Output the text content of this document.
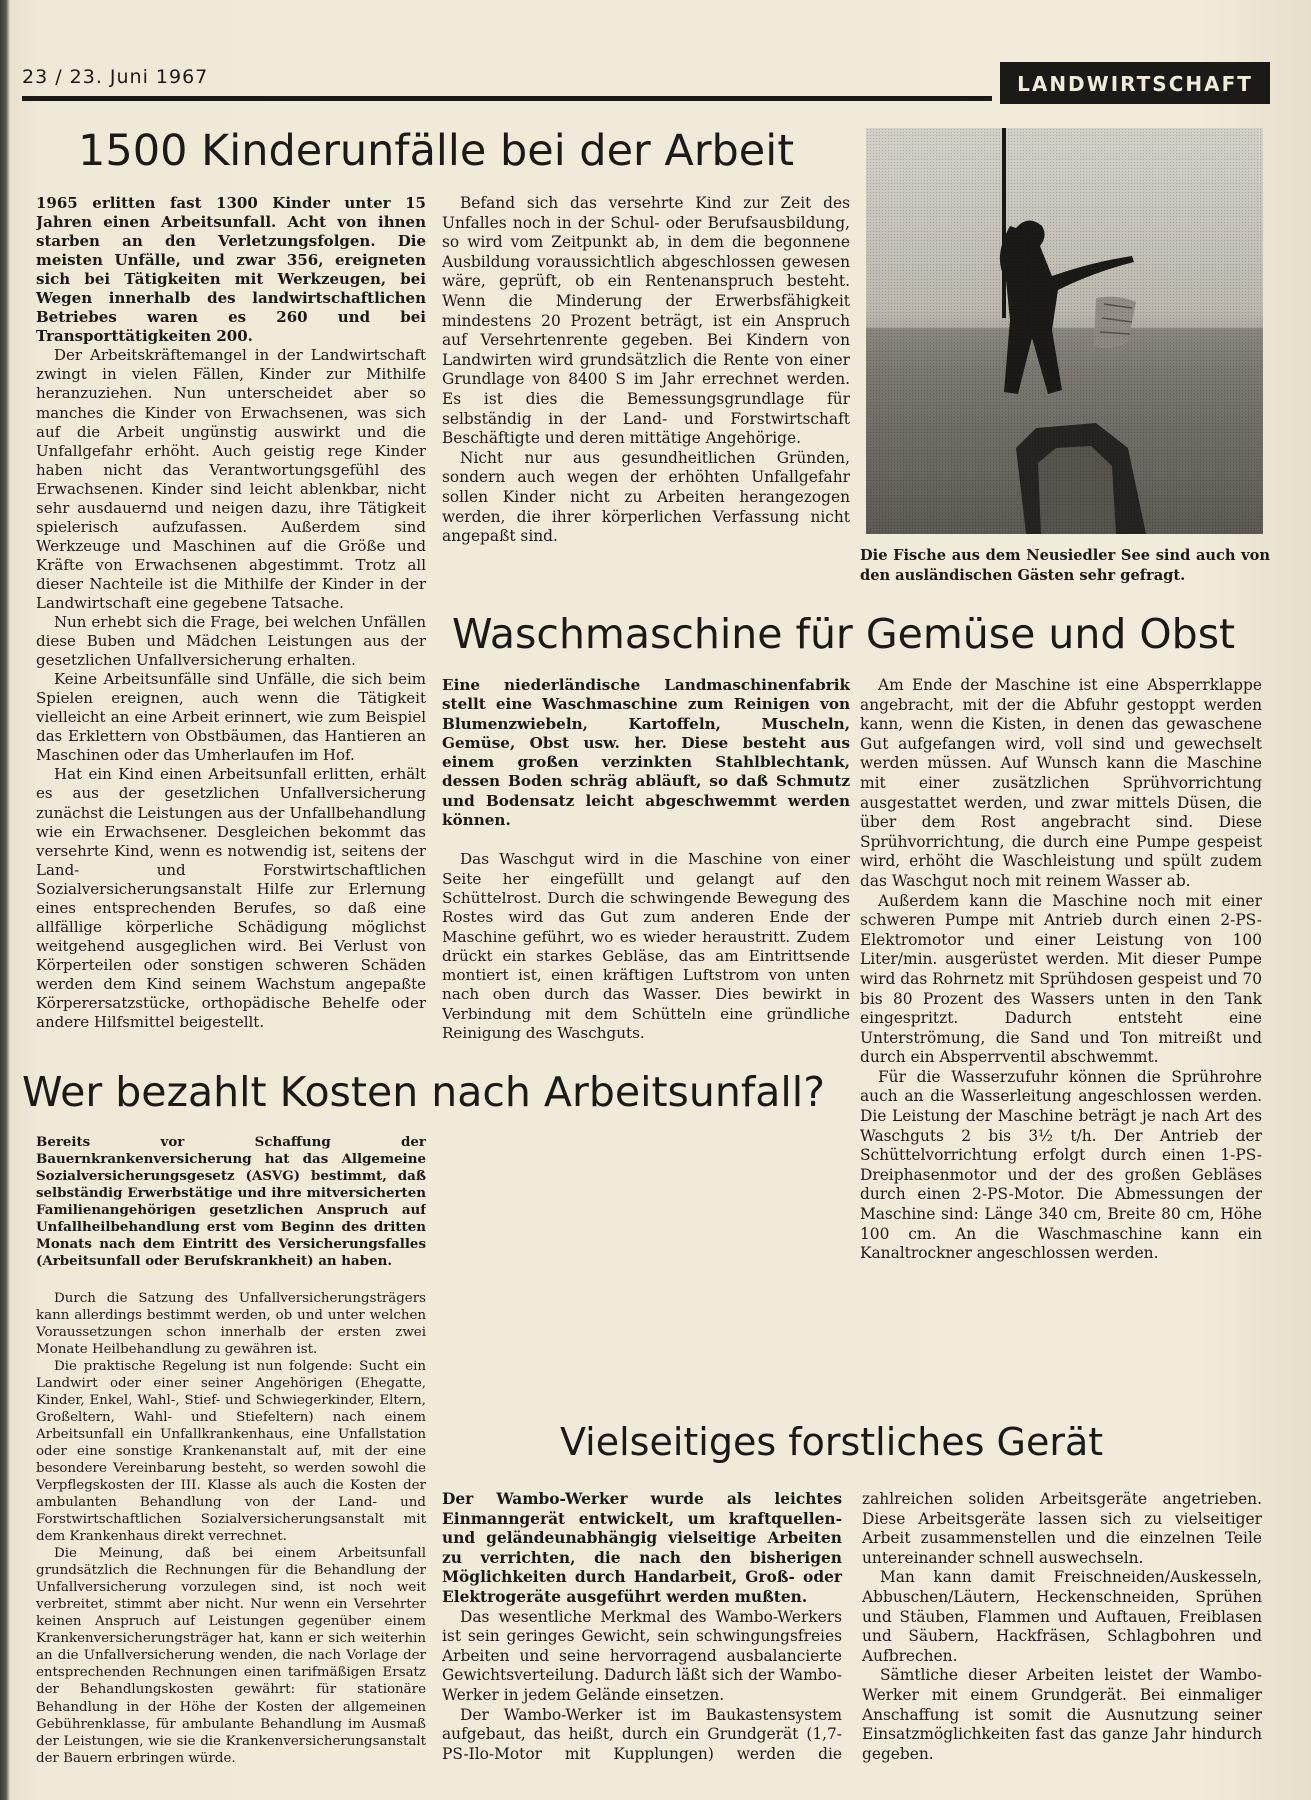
23 / 23. Juni 1967	LANDWIRTSCHAFT
1500 Kinderunfälle bei der Arbeit

1965 erlitten fast 1300 Kinder unter 15 Jahren einen Arbeitsunfall. Acht von ihnen starben an den Verletzungsfolgen. Die meisten Unfälle, und zwar 356, ereigneten sich bei Tätigkeiten mit Werkzeugen, bei Wegen innerhalb des landwirtschaftlichen Betriebes waren es 260 und bei Transporttätigkeiten 200.

Der Arbeitskräftemangel in der Landwirtschaft zwingt in vielen Fällen, Kinder zur Mithilfe heranzuziehen. Nun unterscheidet aber so manches die Kinder von Erwachsenen, was sich auf die Arbeit ungünstig auswirkt und die Unfallgefahr erhöht. Auch geistig rege Kinder haben nicht das Verantwortungsgefühl des Erwachsenen. Kinder sind leicht ablenkbar, nicht sehr ausdauernd und neigen dazu, ihre Tätigkeit spielerisch aufzufassen. Außerdem sind Werkzeuge und Maschinen auf die Größe und Kräfte von Erwachsenen abgestimmt. Trotz all dieser Nachteile ist die Mithilfe der Kinder in der Landwirtschaft eine gegebene Tatsache.

Nun erhebt sich die Frage, bei welchen Unfällen diese Buben und Mädchen Leistungen aus der gesetzlichen Unfallversicherung erhalten.

Keine Arbeitsunfälle sind Unfälle, die sich beim Spielen ereignen, auch wenn die Tätigkeit vielleicht an eine Arbeit erinnert, wie zum Beispiel das Erklettern von Obstbäumen, das Hantieren an Maschinen oder das Umherlaufen im Hof.

Hat ein Kind einen Arbeitsunfall erlitten, erhält es aus der gesetzlichen Unfallversicherung zunächst die Leistungen aus der Unfallbehandlung wie ein Erwachsener. Desgleichen bekommt das versehrte Kind, wenn es notwendig ist, seitens der Land- und Forstwirtschaftlichen Sozialversicherungsanstalt Hilfe zur Erlernung eines entsprechenden Berufes, so daß eine allfällige körperliche Schädigung möglichst weitgehend ausgeglichen wird. Bei Verlust von Körperteilen oder sonstigen schweren Schäden werden dem Kind seinem Wachstum angepaßte Körperersatzstücke, orthopädische Behelfe oder andere Hilfsmittel beigestellt.

Befand sich das versehrte Kind zur Zeit des Unfalles noch in der Schul- oder Berufsausbildung, so wird vom Zeitpunkt ab, in dem die begonnene Ausbildung voraussichtlich abgeschlossen gewesen wäre, geprüft, ob ein Rentenanspruch besteht. Wenn die Minderung der Erwerbsfähigkeit mindestens 20 Prozent beträgt, ist ein Anspruch auf Versehrtenrente gegeben. Bei Kindern von Landwirten wird grundsätzlich die Rente von einer Grundlage von 8400 S im Jahr errechnet werden. Es ist dies die Bemessungsgrundlage für selbständig in der Land- und Forstwirtschaft Beschäftigte und deren mittätige Angehörige.

Nicht nur aus gesundheitlichen Gründen, sondern auch wegen der erhöhten Unfallgefahr sollen Kinder nicht zu Arbeiten herangezogen werden, die ihrer körperlichen Verfassung nicht angepaßt sind.

Die Fische aus dem Neusiedler See sind auch von den ausländischen Gästen sehr gefragt.
Waschmaschine für Gemüse und Obst

Eine niederländische Landmaschinenfabrik stellt eine Waschmaschine zum Reinigen von Blumenzwiebeln, Kartoffeln, Muscheln, Gemüse, Obst usw. her. Diese besteht aus einem großen verzinkten Stahlblechtank, dessen Boden schräg abläuft, so daß Schmutz und Bodensatz leicht abgeschwemmt werden können.

Das Waschgut wird in die Maschine von einer Seite her eingefüllt und gelangt auf den Schüttelrost. Durch die schwingende Bewegung des Rostes wird das Gut zum anderen Ende der Maschine geführt, wo es wieder heraustritt. Zudem drückt ein starkes Gebläse, das am Eintrittsende montiert ist, einen kräftigen Luftstrom von unten nach oben durch das Wasser. Dies bewirkt in Verbindung mit dem Schütteln eine gründliche Reinigung des Waschguts.

Am Ende der Maschine ist eine Absperrklappe angebracht, mit der die Abfuhr gestoppt werden kann, wenn die Kisten, in denen das gewaschene Gut aufgefangen wird, voll sind und gewechselt werden müssen. Auf Wunsch kann die Maschine mit einer zusätzlichen Sprühvorrichtung ausgestattet werden, und zwar mittels Düsen, die über dem Rost angebracht sind. Diese Sprühvorrichtung, die durch eine Pumpe gespeist wird, erhöht die Waschleistung und spült zudem das Waschgut noch mit reinem Wasser ab.

Außerdem kann die Maschine noch mit einer schweren Pumpe mit Antrieb durch einen 2-PS-Elektromotor und einer Leistung von 100 Liter/min. ausgerüstet werden. Mit dieser Pumpe wird das Rohrnetz mit Sprühdosen gespeist und 70 bis 80 Prozent des Wassers unten in den Tank eingespritzt. Dadurch entsteht eine Unterströmung, die Sand und Ton mitreißt und durch ein Absperrventil abschwemmt.

Für die Wasserzufuhr können die Sprührohre auch an die Wasserleitung angeschlossen werden. Die Leistung der Maschine beträgt je nach Art des Waschguts 2 bis 3½ t/h. Der Antrieb der Schüttelvorrichtung erfolgt durch einen 1-PS-Dreiphasenmotor und der des großen Gebläses durch einen 2-PS-Motor. Die Abmessungen der Maschine sind: Länge 340 cm, Breite 80 cm, Höhe 100 cm. An die Waschmaschine kann ein Kanaltrockner angeschlossen werden.

Wer bezahlt Kosten nach Arbeitsunfall?

Bereits vor Schaffung der Bauernkrankenversicherung hat das Allgemeine Sozialversicherungsgesetz (ASVG) bestimmt, daß selbständig Erwerbstätige und ihre mitversicherten Familienangehörigen gesetzlichen Anspruch auf Unfallheilbehandlung erst vom Beginn des dritten Monats nach dem Eintritt des Versicherungsfalles (Arbeitsunfall oder Berufskrankheit) an haben.

Durch die Satzung des Unfallversicherungsträgers kann allerdings bestimmt werden, ob und unter welchen Voraussetzungen schon innerhalb der ersten zwei Monate Heilbehandlung zu gewähren ist.

Die praktische Regelung ist nun folgende: Sucht ein Landwirt oder einer seiner Angehörigen (Ehegatte, Kinder, Enkel, Wahl-, Stief- und Schwiegerkinder, Eltern, Großeltern, Wahl- und Stiefeltern) nach einem Arbeitsunfall ein Unfallkrankenhaus, eine Unfallstation oder eine sonstige Krankenanstalt auf, mit der eine besondere Vereinbarung besteht, so werden sowohl die Verpflegskosten der III. Klasse als auch die Kosten der ambulanten Behandlung von der Land- und Forstwirtschaftlichen Sozialversicherungsanstalt mit dem Krankenhaus direkt verrechnet.

Die Meinung, daß bei einem Arbeitsunfall grundsätzlich die Rechnungen für die Behandlung der Unfallversicherung vorzulegen sind, ist noch weit verbreitet, stimmt aber nicht. Nur wenn ein Versehrter keinen Anspruch auf Leistungen gegenüber einem Krankenversicherungsträger hat, kann er sich weiterhin an die Unfallversicherung wenden, die nach Vorlage der entsprechenden Rechnungen einen tarifmäßigen Ersatz der Behandlungskosten gewährt: für stationäre Behandlung in der Höhe der Kosten der allgemeinen Gebührenklasse, für ambulante Behandlung im Ausmaß der Leistungen, wie sie die Krankenversicherungsanstalt der Bauern erbringen würde.

Vielseitiges forstliches Gerät

Der Wambo-Werker wurde als leichtes Einmanngerät entwickelt, um kraftquellen- und geländeunabhängig vielseitige Arbeiten zu verrichten, die nach den bisherigen Möglichkeiten durch Handarbeit, Groß- oder Elektrogeräte ausgeführt werden mußten.

Das wesentliche Merkmal des Wambo-Werkers ist sein geringes Gewicht, sein schwingungsfreies Arbeiten und seine hervorragend ausbalancierte Gewichtsverteilung. Dadurch läßt sich der Wambo-Werker in jedem Gelände einsetzen.

Der Wambo-Werker ist im Baukastensystem aufgebaut, das heißt, durch ein Grundgerät (1,7-PS-Ilo-Motor mit Kupplungen) werden die zahlreichen soliden Arbeitsgeräte angetrieben. Diese Arbeitsgeräte lassen sich zu vielseitiger Arbeit zusammenstellen und die einzelnen Teile untereinander schnell auswechseln.

Man kann damit Freischneiden/Auskesseln, Abbuschen/Läutern, Heckenschneiden, Sprühen und Stäuben, Flammen und Auftauen, Freiblasen und Säubern, Hackfräsen, Schlagbohren und Aufbrechen.

Sämtliche dieser Arbeiten leistet der Wambo-Werker mit einem Grundgerät. Bei einmaliger Anschaffung ist somit die Ausnutzung seiner Einsatzmöglichkeiten fast das ganze Jahr hindurch gegeben.
